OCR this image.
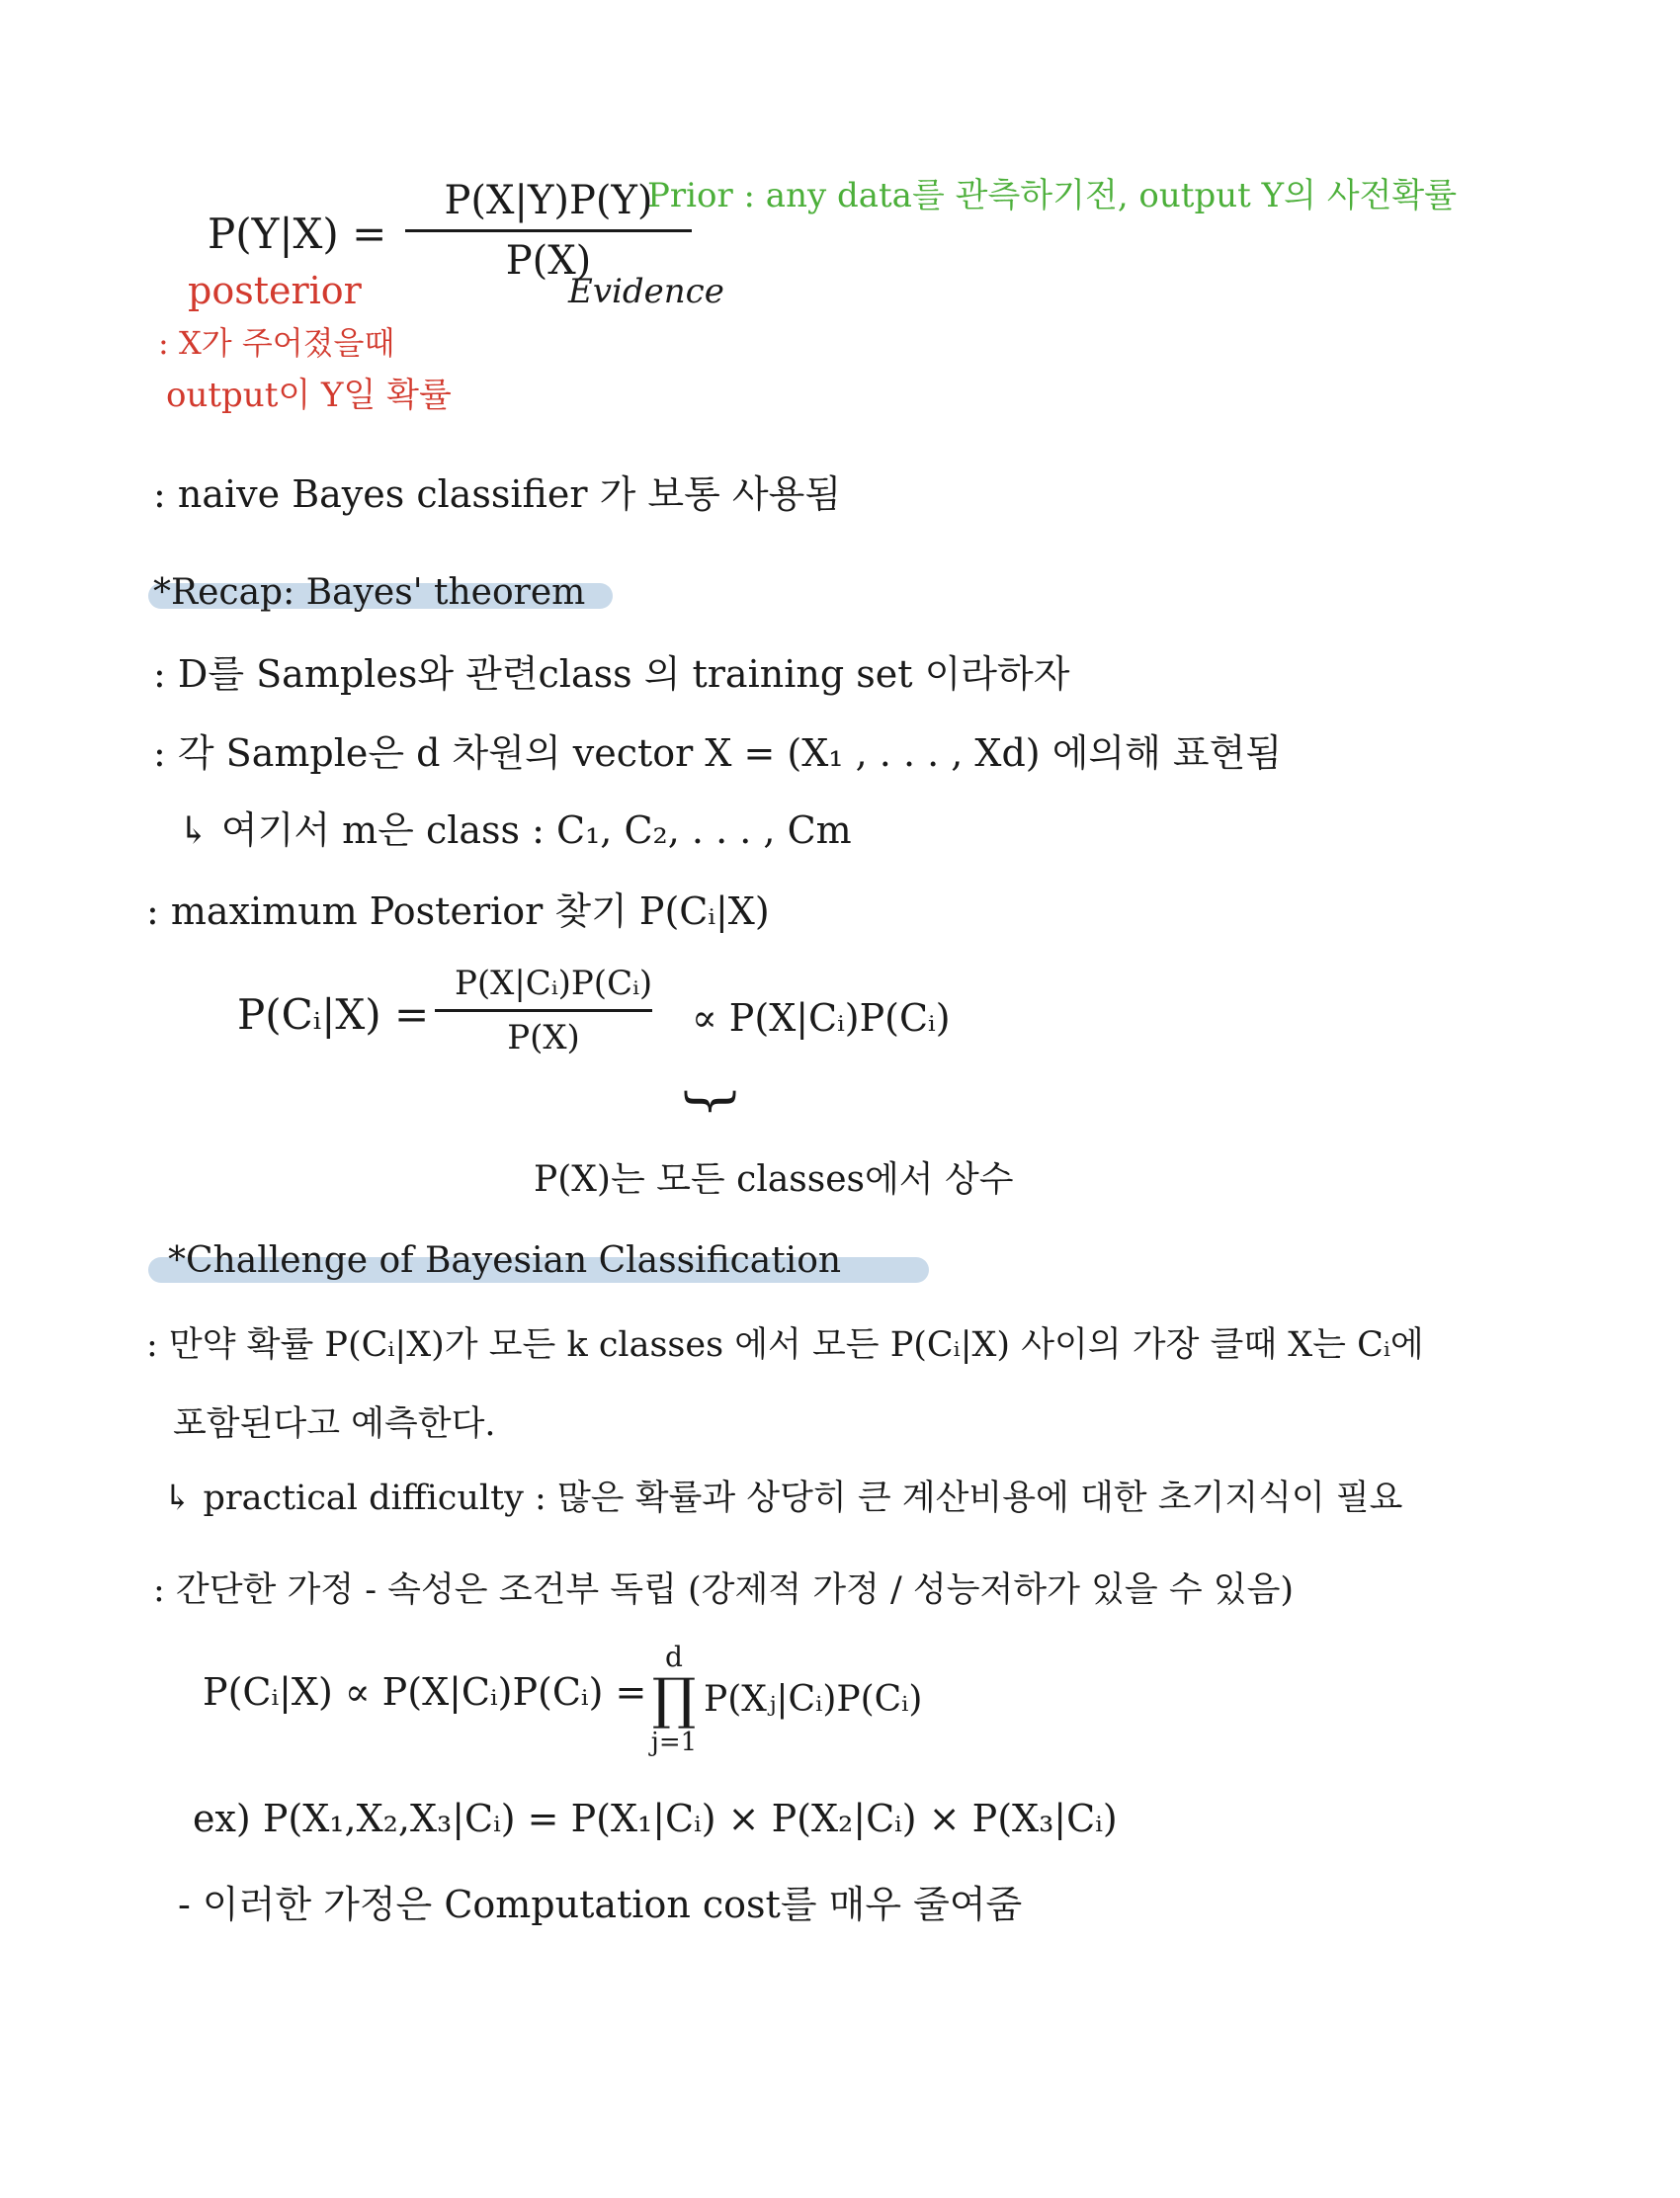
$P(Y|X) = \frac{P(X|Y)P(Y)}{P(X)}$
Prior : any data를 관측하기전, output Y의 사전확률
Evidence
posterior
: X가 주어졌을때
output이 Y일 확률
: naive Bayes classifier 가 보통 사용됨
*Recap: Bayes' theorem
: D를 Samples와 관련class 의 training set 이라하자
: 각 Sample은 d 차원의 vector X = (X₁ , . . . , Xd) 에의해 표현됨
↳ 여기서 m은 class : C₁, C₂, . . . , Cm
: maximum Posterior 찾기 P(Cᵢ|X)
P(Cᵢ|X) = $\frac{\text{P(X|Cᵢ)P(Cᵢ)}}{P(X)}$ ∝ P(X|Cᵢ)P(Cᵢ)
}
P(X)는 모든 classes에서 상수
*Challenge of Bayesian Classification
: 만약 확률 P(Cᵢ|X)가 모든 k classes 에서 모든 P(Cᵢ|X) 사이의 가장 클때 X는 Cᵢ에
포함된다고 예측한다.
↳ practical difficulty : 많은 확률과 상당히 큰 계산비용에 대한 초기지식이 필요
: 간단한 가정 - 속성은 조건부 독립 (강제적 가정 / 성능저하가 있을 수 있음)
P(Cᵢ|X) ∝ P(X|Cᵢ)P(Cᵢ) =
d
∏
j=1
P(Xⱼ|Cᵢ)P(Cᵢ)
ex) P(X₁,X₂,X₃|Cᵢ) = P(X₁|Cᵢ) × P(X₂|Cᵢ) × P(X₃|Cᵢ)
- 이러한 가정은 Computation cost를 매우 줄여줌
